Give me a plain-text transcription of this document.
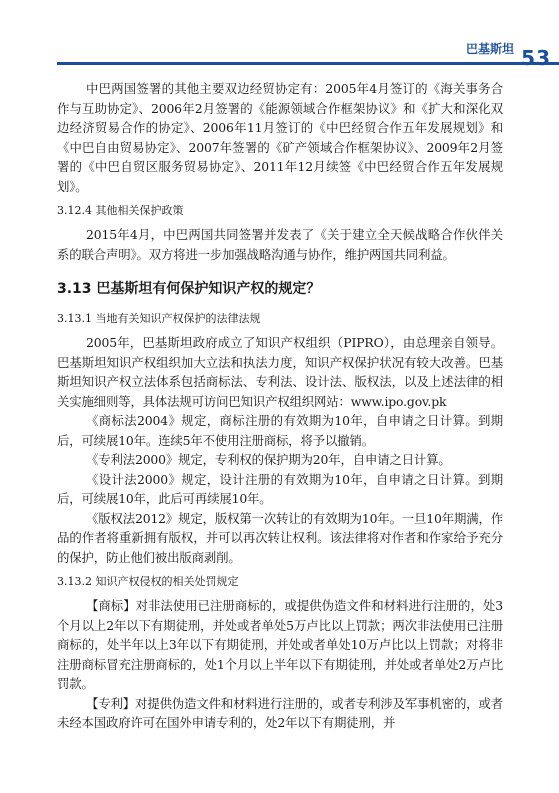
巴基斯坦 53

中巴两国签署的其他主要双边经贸协定有：2005年4月签订的《海关事务合作与互助协定》、2006年2月签署的《能源领域合作框架协议》和《扩大和深化双边经济贸易合作的协定》、2006年11月签订的《中巴经贸合作五年发展规划》和《中巴自由贸易协定》、2007年签署的《矿产领域合作框架协议》、2009年2月签署的《中巴自贸区服务贸易协定》、2011年12月续签《中巴经贸合作五年发展规划》。

3.12.4 其他相关保护政策

2015年4月，中巴两国共同签署并发表了《关于建立全天候战略合作伙伴关系的联合声明》。双方将进一步加强战略沟通与协作，维护两国共同利益。

3.13 巴基斯坦有何保护知识产权的规定？
3.13.1 当地有关知识产权保护的法律法规

2005年，巴基斯坦政府成立了知识产权组织（PIPRO），由总理亲自领导。巴基斯坦知识产权组织加大立法和执法力度，知识产权保护状况有较大改善。巴基斯坦知识产权立法体系包括商标法、专利法、设计法、版权法，以及上述法律的相关实施细则等，具体法规可访问巴知识产权组织网站：www.ipo.gov.pk

《商标法2004》规定，商标注册的有效期为10年，自申请之日计算。到期后，可续展10年。连续5年不使用注册商标，将予以撤销。

《专利法2000》规定，专利权的保护期为20年，自申请之日计算。

《设计法2000》规定，设计注册的有效期为10年，自申请之日计算。到期后，可续展10年，此后可再续展10年。

《版权法2012》规定，版权第一次转让的有效期为10年。一旦10年期满，作品的作者将重新拥有版权，并可以再次转让权利。该法律将对作者和作家给予充分的保护，防止他们被出版商剥削。

3.13.2 知识产权侵权的相关处罚规定

【商标】对非法使用已注册商标的，或提供伪造文件和材料进行注册的，处3个月以上2年以下有期徒刑，并处或者单处5万卢比以上罚款；两次非法使用已注册商标的，处半年以上3年以下有期徒刑，并处或者单处10万卢比以上罚款；对将非注册商标冒充注册商标的，处1个月以上半年以下有期徒刑，并处或者单处2万卢比罚款。

【专利】对提供伪造文件和材料进行注册的，或者专利涉及军事机密的，或者未经本国政府许可在国外申请专利的，处2年以下有期徒刑，并
